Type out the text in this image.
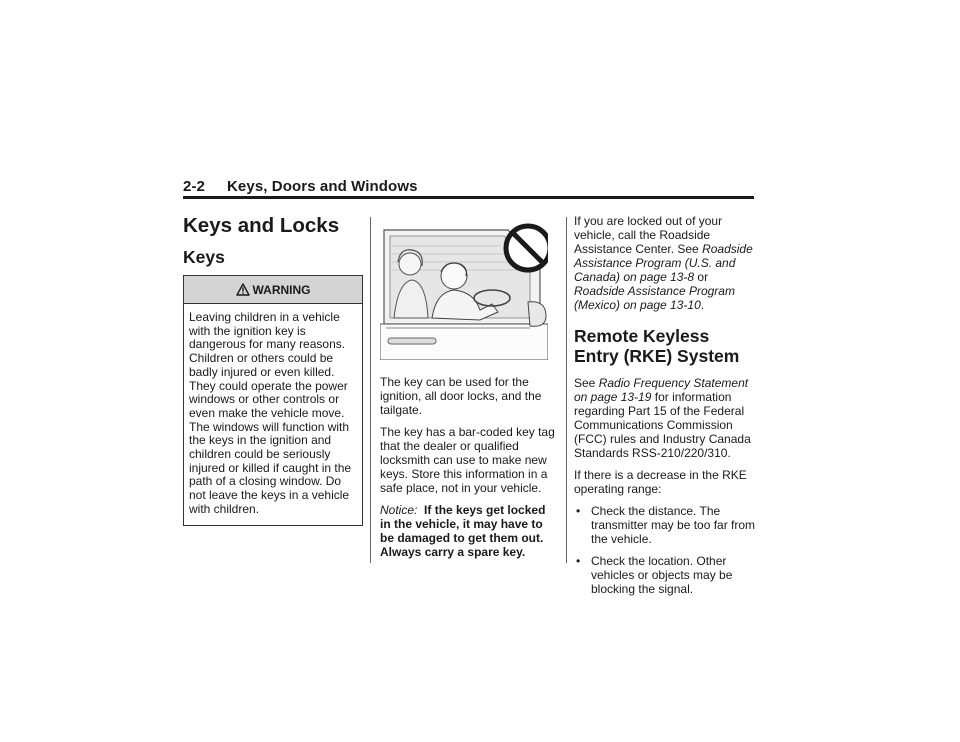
2-2 Keys, Doors and Windows
Keys and Locks
Keys
WARNING
Leaving children in a vehicle with the ignition key is dangerous for many reasons. Children or others could be badly injured or even killed. They could operate the power windows or other controls or even make the vehicle move. The windows will function with the keys in the ignition and children could be seriously injured or killed if caught in the path of a closing window. Do not leave the keys in a vehicle with children.

The key can be used for the ignition, all door locks, and the tailgate.

The key has a bar-coded key tag that the dealer or qualified locksmith can use to make new keys. Store this information in a safe place, not in your vehicle.

Notice: If the keys get locked in the vehicle, it may have to be damaged to get them out. Always carry a spare key.

If you are locked out of your vehicle, call the Roadside Assistance Center. See Roadside Assistance Program (U.S. and Canada) on page 13-8 or Roadside Assistance Program (Mexico) on page 13-10.

Remote Keyless Entry (RKE) System

See Radio Frequency Statement on page 13-19 for information regarding Part 15 of the Federal Communications Commission (FCC) rules and Industry Canada Standards RSS-210/220/310.

If there is a decrease in the RKE operating range:

• Check the distance. The transmitter may be too far from the vehicle.
• Check the location. Other vehicles or objects may be blocking the signal.
